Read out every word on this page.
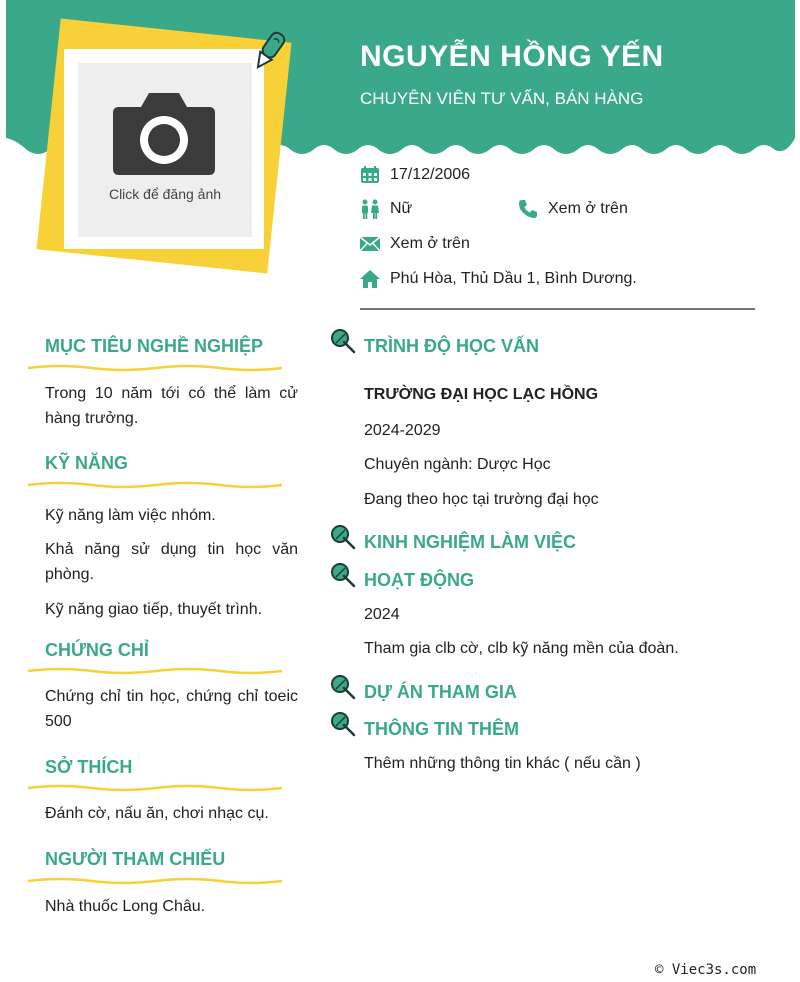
Click để đăng ảnh
NGUYỄN HỒNG YẾN
CHUYÊN VIÊN TƯ VẤN, BÁN HÀNG
17/12/2006
Nữ	Xem ở trên
Xem ở trên
Phú Hòa, Thủ Dầu 1, Bình Dương.
MỤC TIÊU NGHỀ NGHIỆP
Trong 10 năm tới có thể làm cử hàng trưởng.
KỸ NĂNG
Kỹ năng làm việc nhóm.
Khả năng sử dụng tin học văn phòng.
Kỹ năng giao tiếp, thuyết trình.
CHỨNG CHỈ
Chứng chỉ tin học, chứng chỉ toeic 500
SỞ THÍCH
Đánh cờ, nấu ăn, chơi nhạc cụ.
NGƯỜI THAM CHIẾU
Nhà thuốc Long Châu.
TRÌNH ĐỘ HỌC VẤN
TRƯỜNG ĐẠI HỌC LẠC HỒNG
2024-2029
Chuyên ngành: Dược Học
Đang theo học tại trường đại học
KINH NGHIỆM LÀM VIỆC
HOẠT ĐỘNG
2024
Tham gia clb cờ, clb kỹ năng mền của đoàn.
DỰ ÁN THAM GIA
THÔNG TIN THÊM
Thêm những thông tin khác ( nếu cần )
© Viec3s.com
